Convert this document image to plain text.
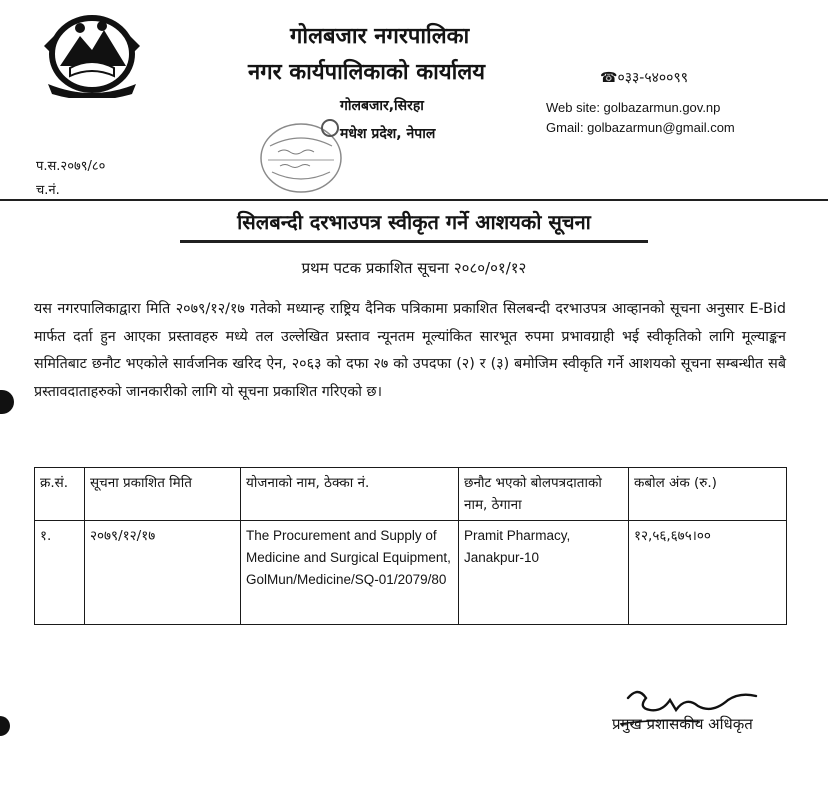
गोलबजार नगरपालिका
नगर कार्यपालिकाको कार्यालय	☎०३३-५४००९९
गोलबजार,सिरहा
मधेश प्रदेश, नेपाल
Web site: golbazarmun.gov.np
Gmail: golbazarmun@gmail.com
प.स.२०७९/८०
च.नं.
सिलबन्दी दरभाउपत्र स्वीकृत गर्ने आशयको सूचना
प्रथम पटक प्रकाशित सूचना २०८०/०१/१२
यस नगरपालिकाद्वारा मिति २०७९/१२/१७ गतेको मध्यान्ह राष्ट्रिय दैनिक पत्रिकामा प्रकाशित सिलबन्दी दरभाउपत्र आव्हानको सूचना अनुसार E-Bid मार्फत दर्ता हुन आएका प्रस्तावहरु मध्ये तल उल्लेखित प्रस्ताव न्यूनतम मूल्यांकित सारभूत रुपमा प्रभावग्राही भई स्वीकृतिको लागि मूल्याङ्कन समितिबाट छनौट भएकोले सार्वजनिक खरिद ऐन, २०६३ को दफा २७ को उपदफा (२) र (३) बमोजिम स्वीकृति गर्ने आशयको सूचना सम्बन्धीत सबै प्रस्तावदाताहरुको जानकारीको लागि यो सूचना प्रकाशित गरिएको छ।
क्र.सं.	सूचना प्रकाशित मिति	योजनाको नाम, ठेक्का नं.	छनौट भएको बोलपत्रदाताको नाम, ठेगाना	कबोल अंक (रु.)
१.	२०७९/१२/१७	The Procurement and Supply of Medicine and Surgical Equipment, GolMun/Medicine/SQ-01/2079/80	Pramit Pharmacy, Janakpur-10	१२,५६,६७५।००
प्रमुख प्रशासकीय अधिकृत
